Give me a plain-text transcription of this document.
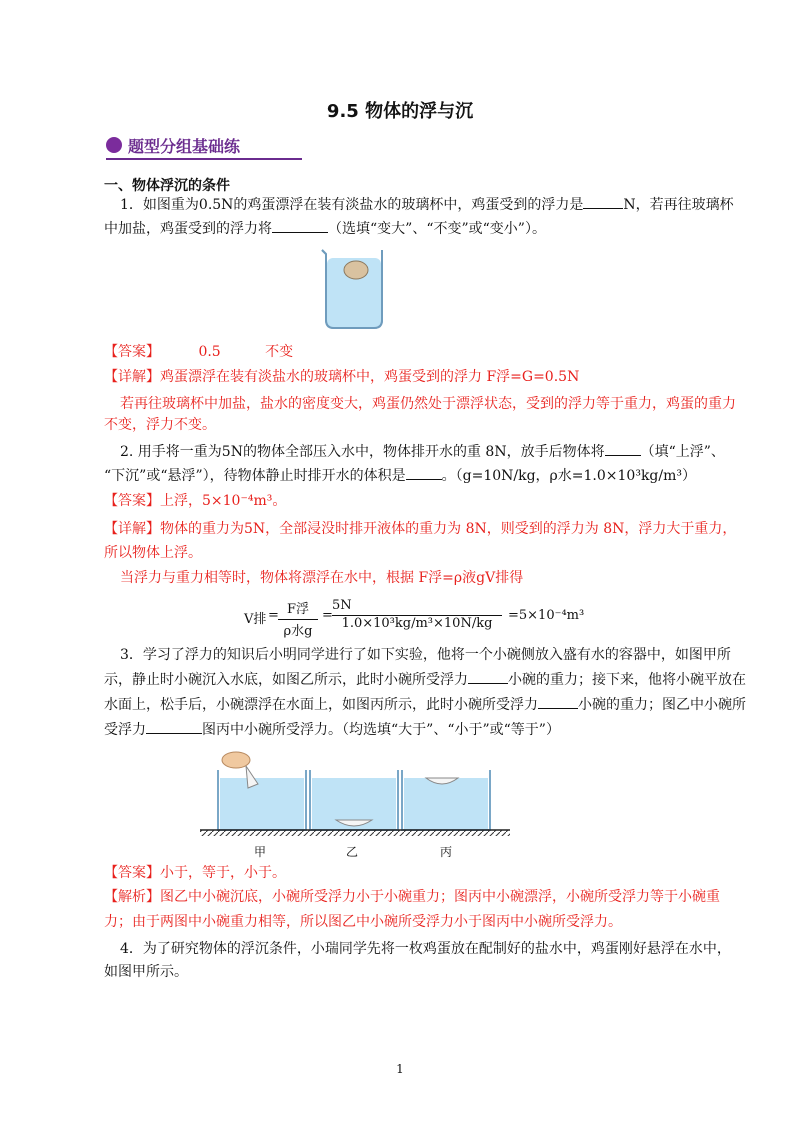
9.5 物体的浮与沉
题型分组基础练
一、物体浮沉的条件
1．如图重为0.5N的鸡蛋漂浮在装有淡盐水的玻璃杯中，鸡蛋受到的浮力是	N，若再往玻璃杯
中加盐，鸡蛋受到的浮力将	（选填“变大”、“不变”或“变小”）。
【答案】	0.5	不变
【详解】鸡蛋漂浮在装有淡盐水的玻璃杯中，鸡蛋受到的浮力 F浮=G=0.5N
若再往玻璃杯中加盐，盐水的密度变大，鸡蛋仍然处于漂浮状态，受到的浮力等于重力，鸡蛋的重力
不变，浮力不变。
2. 用手将一重为5N的物体全部压入水中，物体排开水的重 8N，放手后物体将	（填“上浮”、
“下沉”或“悬浮”），待物体静止时排开水的体积是	。（g=10N/kg，ρ水=1.0×10³kg/m³）
【答案】上浮，5×10⁻⁴m³。
【详解】物体的重力为5N，全部浸没时排开液体的重力为 8N，则受到的浮力为 8N，浮力大于重力，
所以物体上浮。
当浮力与重力相等时，物体将漂浮在水中，根据 F浮=ρ液gV排得
V排 = F浮
ρ水g
= $\frac{5N}{\text{1.0×10³kg/m³×10N/kg}} =5\times 10^{-4}m^3$
3．学习了浮力的知识后小明同学进行了如下实验，他将一个小碗侧放入盛有水的容器中，如图甲所
示，静止时小碗沉入水底，如图乙所示，此时小碗所受浮力	小碗的重力；接下来，他将小碗平放在
水面上，松手后，小碗漂浮在水面上，如图丙所示，此时小碗所受浮力	小碗的重力；图乙中小碗所
受浮力	图丙中小碗所受浮力。（均选填“大于”、“小于”或“等于”）
甲	乙	丙
【答案】小于，等于，小于。
【解析】图乙中小碗沉底，小碗所受浮力小于小碗重力；图丙中小碗漂浮，小碗所受浮力等于小碗重
力；由于两图中小碗重力相等，所以图乙中小碗所受浮力小于图丙中小碗所受浮力。
4．为了研究物体的浮沉条件，小瑞同学先将一枚鸡蛋放在配制好的盐水中，鸡蛋刚好悬浮在水中，
如图甲所示。
1
